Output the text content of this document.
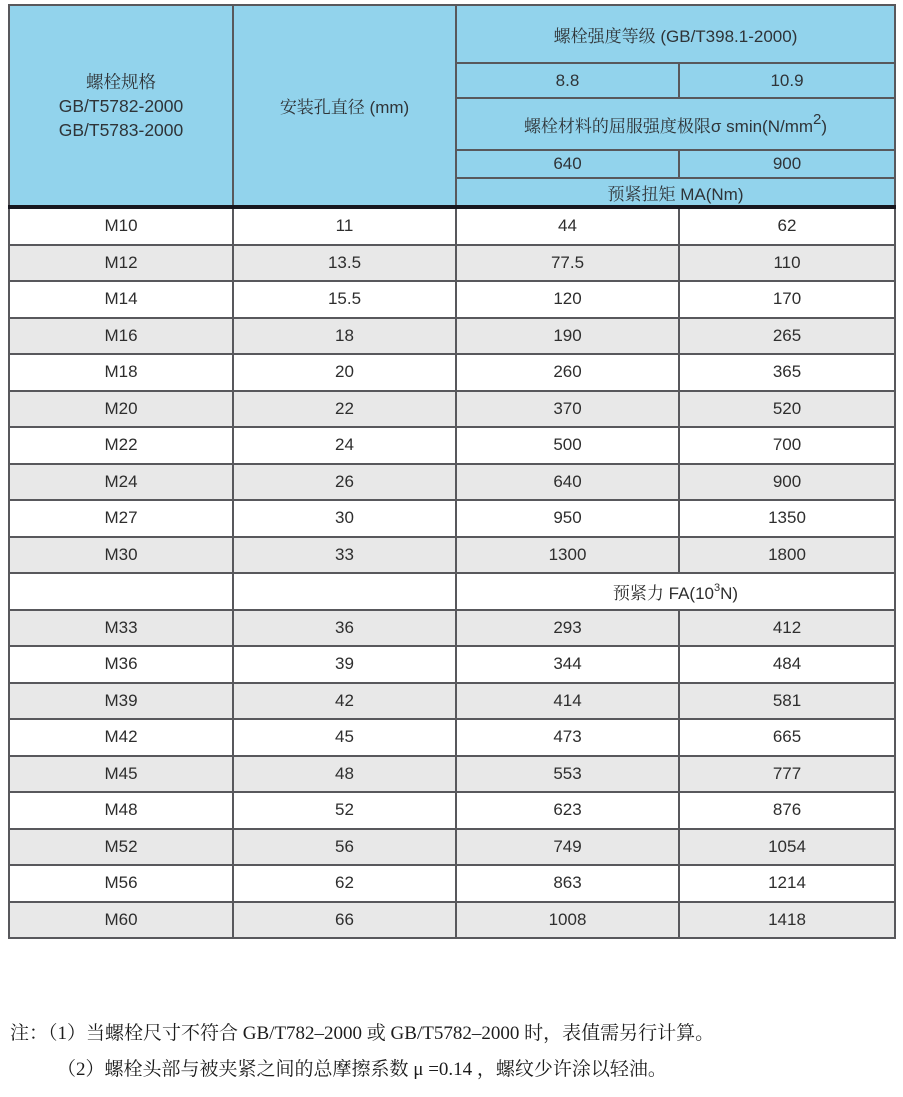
螺栓规格
GB/T5782-2000
GB/T5783-2000	安装孔直径 (mm)	螺栓强度等级 (GB/T398.1-2000)	
		8.8	10.9
		螺栓材料的屈服强度极限σ smin(N/mm2)	
		640	900
		预紧扭矩 MA(Nm)	
M10	11	44	62
M12	13.5	77.5	110
M14	15.5	120	170
M16	18	190	265
M18	20	260	365
M20	22	370	520
M22	24	500	700
M24	26	640	900
M27	30	950	1350
M30	33	1300	1800
		预紧力 $FA(10^3N)$	
M33	36	293	412
M36	39	344	484
M39	42	414	581
M42	45	473	665
M45	48	553	777
M48	52	623	876
M52	56	749	1054
M56	62	863	1214
M60	66	1008	1418
注：（1）当螺栓尺寸不符合 GB/T782–2000 或 GB/T5782–2000 时，表值需另行计算。
（2）螺栓头部与被夹紧之间的总摩擦系数 μ =0.14 ，螺纹少许涂以轻油。
